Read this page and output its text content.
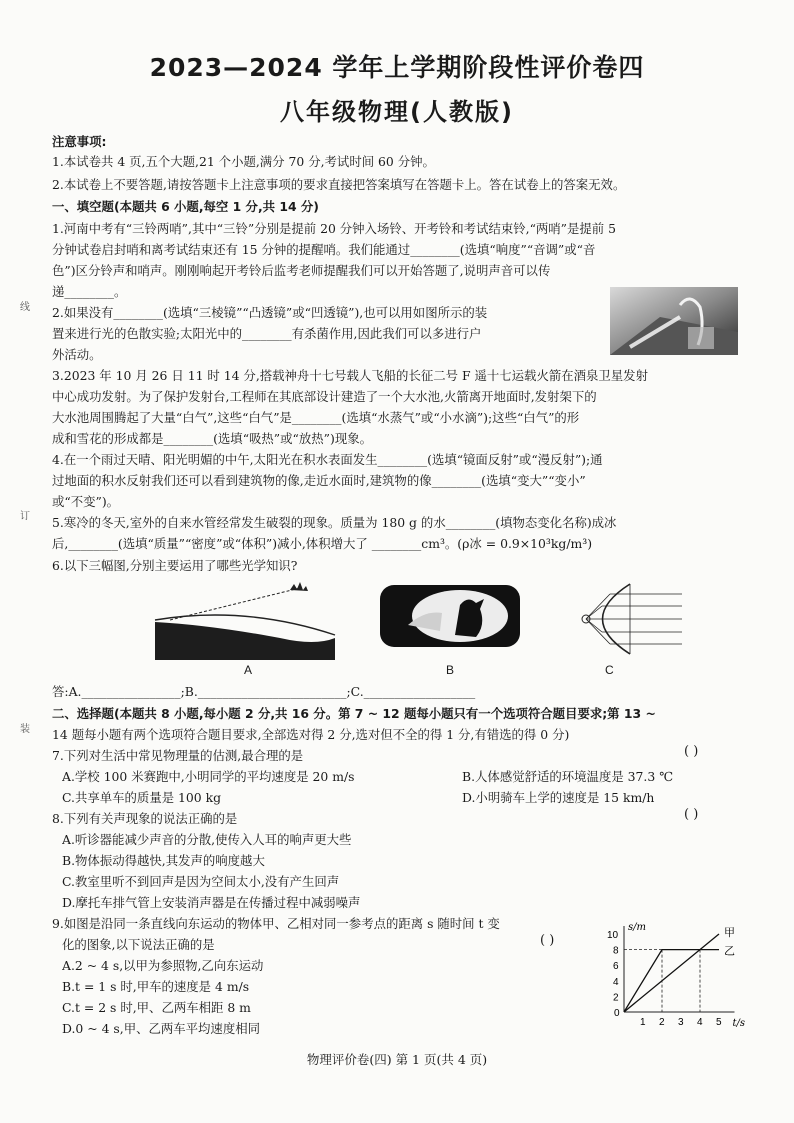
2023—2024 学年上学期阶段性评价卷四
八年级物理(人教版)
注意事项:
1.本试卷共 4 页,五个大题,21 个小题,满分 70 分,考试时间 60 分钟。
2.本试卷上不要答题,请按答题卡上注意事项的要求直接把答案填写在答题卡上。答在试卷上的答案无效。
一、填空题(本题共 6 小题,每空 1 分,共 14 分)
1.河南中考有“三铃两哨”,其中“三铃”分别是提前 20 分钟入场铃、开考铃和考试结束铃,“两哨”是提前 5
分钟试卷启封哨和离考试结束还有 15 分钟的提醒哨。我们能通过________(选填“响度”“音调”或“音
色”)区分铃声和哨声。刚刚响起开考铃后监考老师提醒我们可以开始答题了,说明声音可以传
递________。
2.如果没有________(选填“三棱镜”“凸透镜”或“凹透镜”),也可以用如图所示的装
置来进行光的色散实验;太阳光中的________有杀菌作用,因此我们可以多进行户
外活动。
3.2023 年 10 月 26 日 11 时 14 分,搭载神舟十七号载人飞船的长征二号 F 遥十七运载火箭在酒泉卫星发射
中心成功发射。为了保护发射台,工程师在其底部设计建造了一个大水池,火箭离开地面时,发射架下的
大水池周围腾起了大量“白气”,这些“白气”是________(选填“水蒸气”或“小水滴”);这些“白气”的形
成和雪花的形成都是________(选填“吸热”或“放热”)现象。
4.在一个雨过天晴、阳光明媚的中午,太阳光在积水表面发生________(选填“镜面反射”或“漫反射”);通
过地面的积水反射我们还可以看到建筑物的像,走近水面时,建筑物的像________(选填“变大”“变小”
或“不变”)。
5.寒冷的冬天,室外的自来水管经常发生破裂的现象。质量为 180 g 的水________(填物态变化名称)成冰
后,________(选填“质量”“密度”或“体积”)减小,体积增大了 ________cm³。(ρ冰 = 0.9×10³kg/m³)
6.以下三幅图,分别主要运用了哪些光学知识?
A	B	C
答:A.________________;B.________________________;C.__________________
二、选择题(本题共 8 小题,每小题 2 分,共 16 分。第 7 ~ 12 题每小题只有一个选项符合题目要求;第 13 ~
14 题每小题有两个选项符合题目要求,全部选对得 2 分,选对但不全的得 1 分,有错选的得 0 分)
7.下列对生活中常见物理量的估测,最合理的是	( )
A.学校 100 米赛跑中,小明同学的平均速度是 20 m/s	B.人体感觉舒适的环境温度是 37.3 ℃
C.共享单车的质量是 100 kg	D.小明骑车上学的速度是 15 km/h
8.下列有关声现象的说法正确的是	( )
A.听诊器能减少声音的分散,使传入人耳的响声更大些
B.物体振动得越快,其发声的响度越大
C.教室里听不到回声是因为空间太小,没有产生回声
D.摩托车排气管上安装消声器是在传播过程中减弱噪声
9.如图是沿同一条直线向东运动的物体甲、乙相对同一参考点的距离 s 随时间 t 变
化的图象,以下说法正确的是	( )
A.2 ~ 4 s,以甲为参照物,乙向东运动
B.t = 1 s 时,甲车的速度是 4 m/s
C.t = 2 s 时,甲、乙两车相距 8 m
D.0 ~ 4 s,甲、乙两车平均速度相同	t/s
s/m
0
1 2 3 4 5
2
4
6
8
10	甲
乙
线
订
装
物理评价卷(四) 第 1 页(共 4 页)
